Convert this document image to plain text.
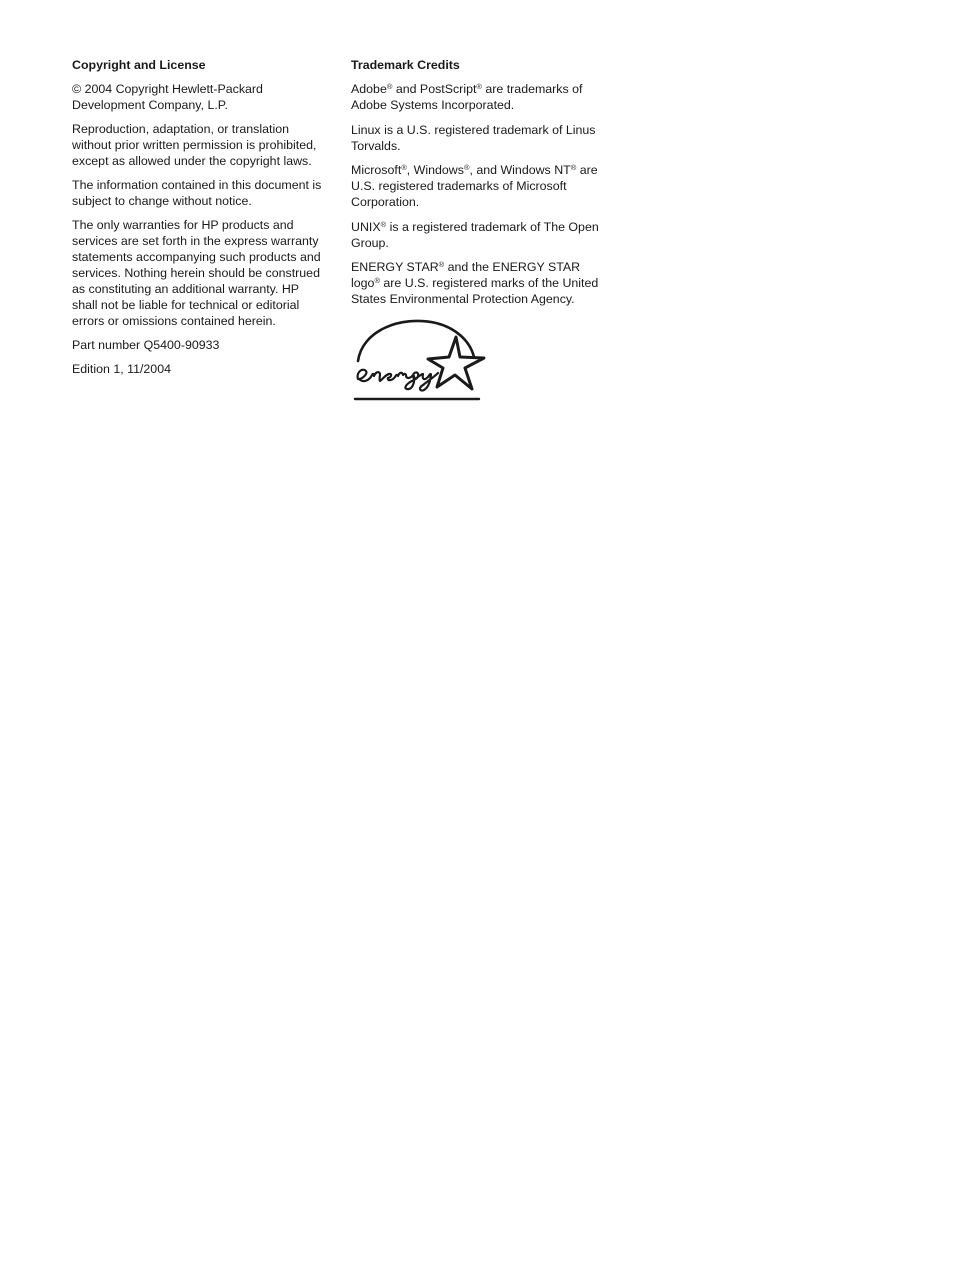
Copyright and License

© 2004 Copyright Hewlett-Packard
Development Company, L.P.

Reproduction, adaptation, or translation without prior written permission is prohibited, except as allowed under the copyright laws.

The information contained in this document is subject to change without notice.

The only warranties for HP products and services are set forth in the express warranty statements accompanying such products and services. Nothing herein should be construed as constituting an additional warranty. HP shall not be liable for technical or editorial errors or omissions contained herein.

Part number Q5400-90933

Edition 1, 11/2004

Trademark Credits

Adobe® and PostScript® are trademarks of Adobe Systems Incorporated.

Linux is a U.S. registered trademark of Linus Torvalds.

Microsoft®, Windows®, and Windows NT® are U.S. registered trademarks of Microsoft Corporation.

UNIX® is a registered trademark of The Open Group.

ENERGY STAR® and the ENERGY STAR logo® are U.S. registered marks of the United States Environmental Protection Agency.
